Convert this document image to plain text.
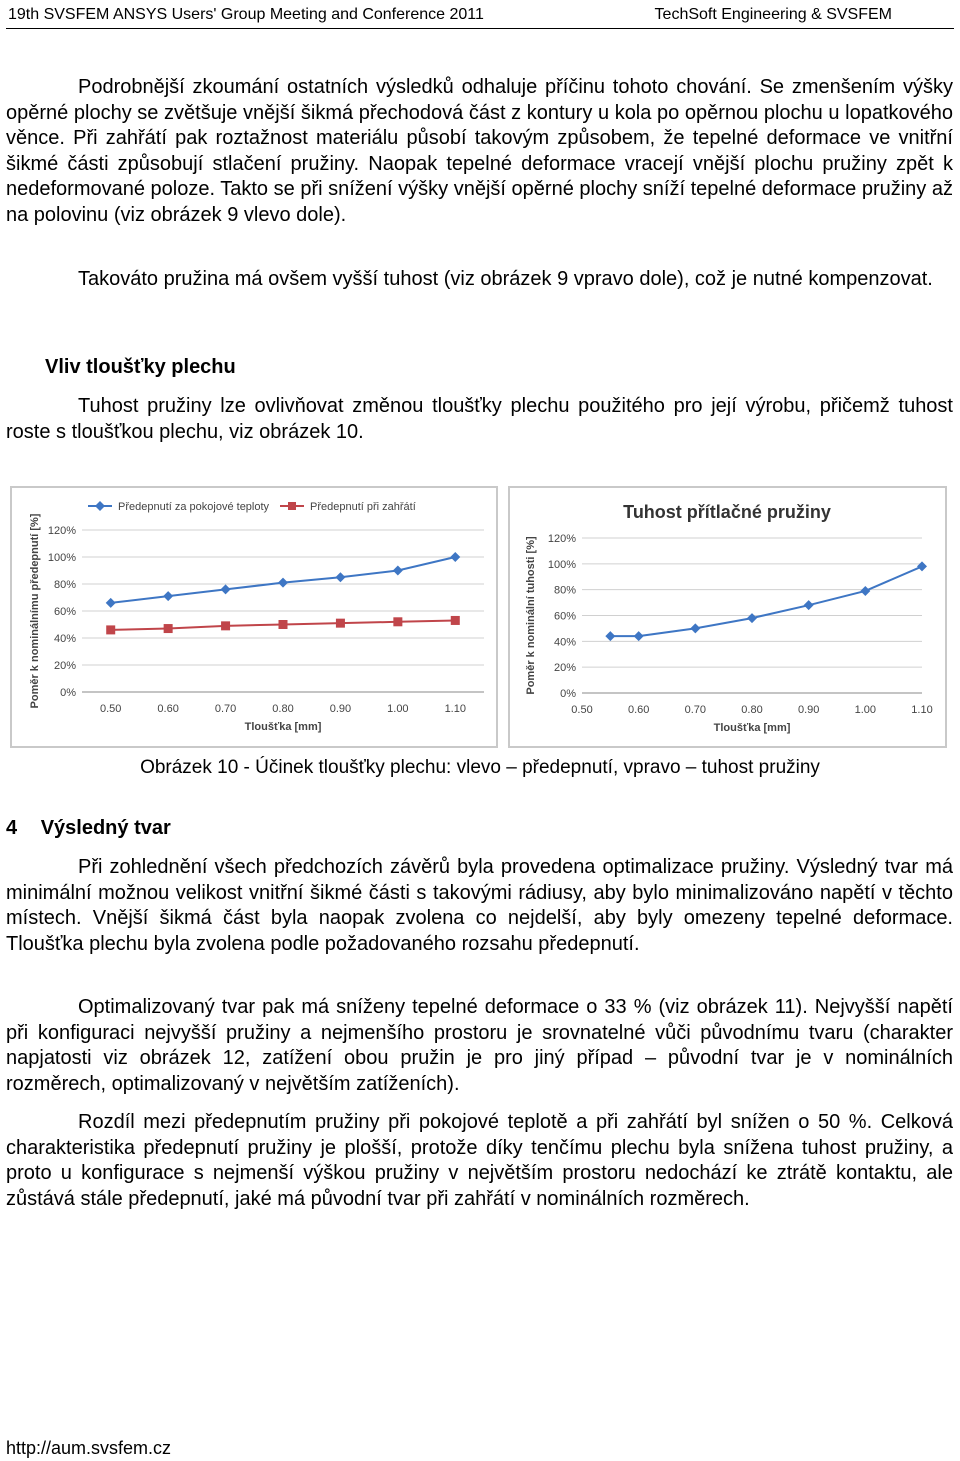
19th SVSFEM ANSYS Users' Group Meeting and Conference 2011	TechSoft Engineering & SVSFEM

Podrobnější zkoumání ostatních výsledků odhaluje příčinu tohoto chování. Se zmenšením výšky opěrné plochy se zvětšuje vnější šikmá přechodová část z kontury u kola po opěrnou plochu u lopatkového věnce. Při zahřátí pak roztažnost materiálu působí takovým způsobem, že tepelné deformace ve vnitřní šikmé části způsobují stlačení pružiny. Naopak tepelné deformace vracejí vnější plochu pružiny zpět k nedeformované poloze. Takto se při snížení výšky vnější opěrné plochy sníží tepelné deformace pružiny až na polovinu (viz obrázek 9 vlevo dole).

Takováto pružina má ovšem vyšší tuhost (viz obrázek 9 vpravo dole), což je nutné kompenzovat.

Vliv tloušťky plechu

Tuhost pružiny lze ovlivňovat změnou tloušťky plechu použitého pro její výrobu, přičemž tuhost roste s tloušťkou plechu, viz obrázek 10.

0%
20%
40%
60%
80%
100%
120%
0.50	0.60	0.70	0.80	0.90	1.00	1.10
Tloušťka [mm]
Poměr k nominálnímu předepnutí [%]
Předepnutí za pokojové teploty	Předepnutí při zahřátí
0%
20%
40%
60%
80%
100%
120%
0.50	0.60	0.70	0.80	0.90	1.00	1.10
Tloušťka [mm]
Poměr k nominální tuhosti [%]
Tuhost přítlačné pružiny
Obrázek 10 - Účinek tloušťky plechu: vlevo – předepnutí, vpravo – tuhost pružiny
4 Výsledný tvar

Při zohlednění všech předchozích závěrů byla provedena optimalizace pružiny. Výsledný tvar má minimální možnou velikost vnitřní šikmé části s takovými rádiusy, aby bylo minimalizováno napětí v těchto místech. Vnější šikmá část byla naopak zvolena co nejdelší, aby byly omezeny tepelné deformace. Tloušťka plechu byla zvolena podle požadovaného rozsahu předepnutí.

Optimalizovaný tvar pak má sníženy tepelné deformace o 33 % (viz obrázek 11). Nejvyšší napětí při konfiguraci nejvyšší pružiny a nejmenšího prostoru je srovnatelné vůči původnímu tvaru (charakter napjatosti viz obrázek 12, zatížení obou pružin je pro jiný případ – původní tvar je v nominálních rozměrech, optimalizovaný v největším zatíženích).

Rozdíl mezi předepnutím pružiny při pokojové teplotě a při zahřátí byl snížen o 50 %. Celková charakteristika předepnutí pružiny je plošší, protože díky tenčímu plechu byla snížena tuhost pružiny, a proto u konfigurace s nejmenší výškou pružiny v největším prostoru nedochází ke ztrátě kontaktu, ale zůstává stále předepnutí, jaké má původní tvar při zahřátí v nominálních rozměrech.

http://aum.svsfem.cz
